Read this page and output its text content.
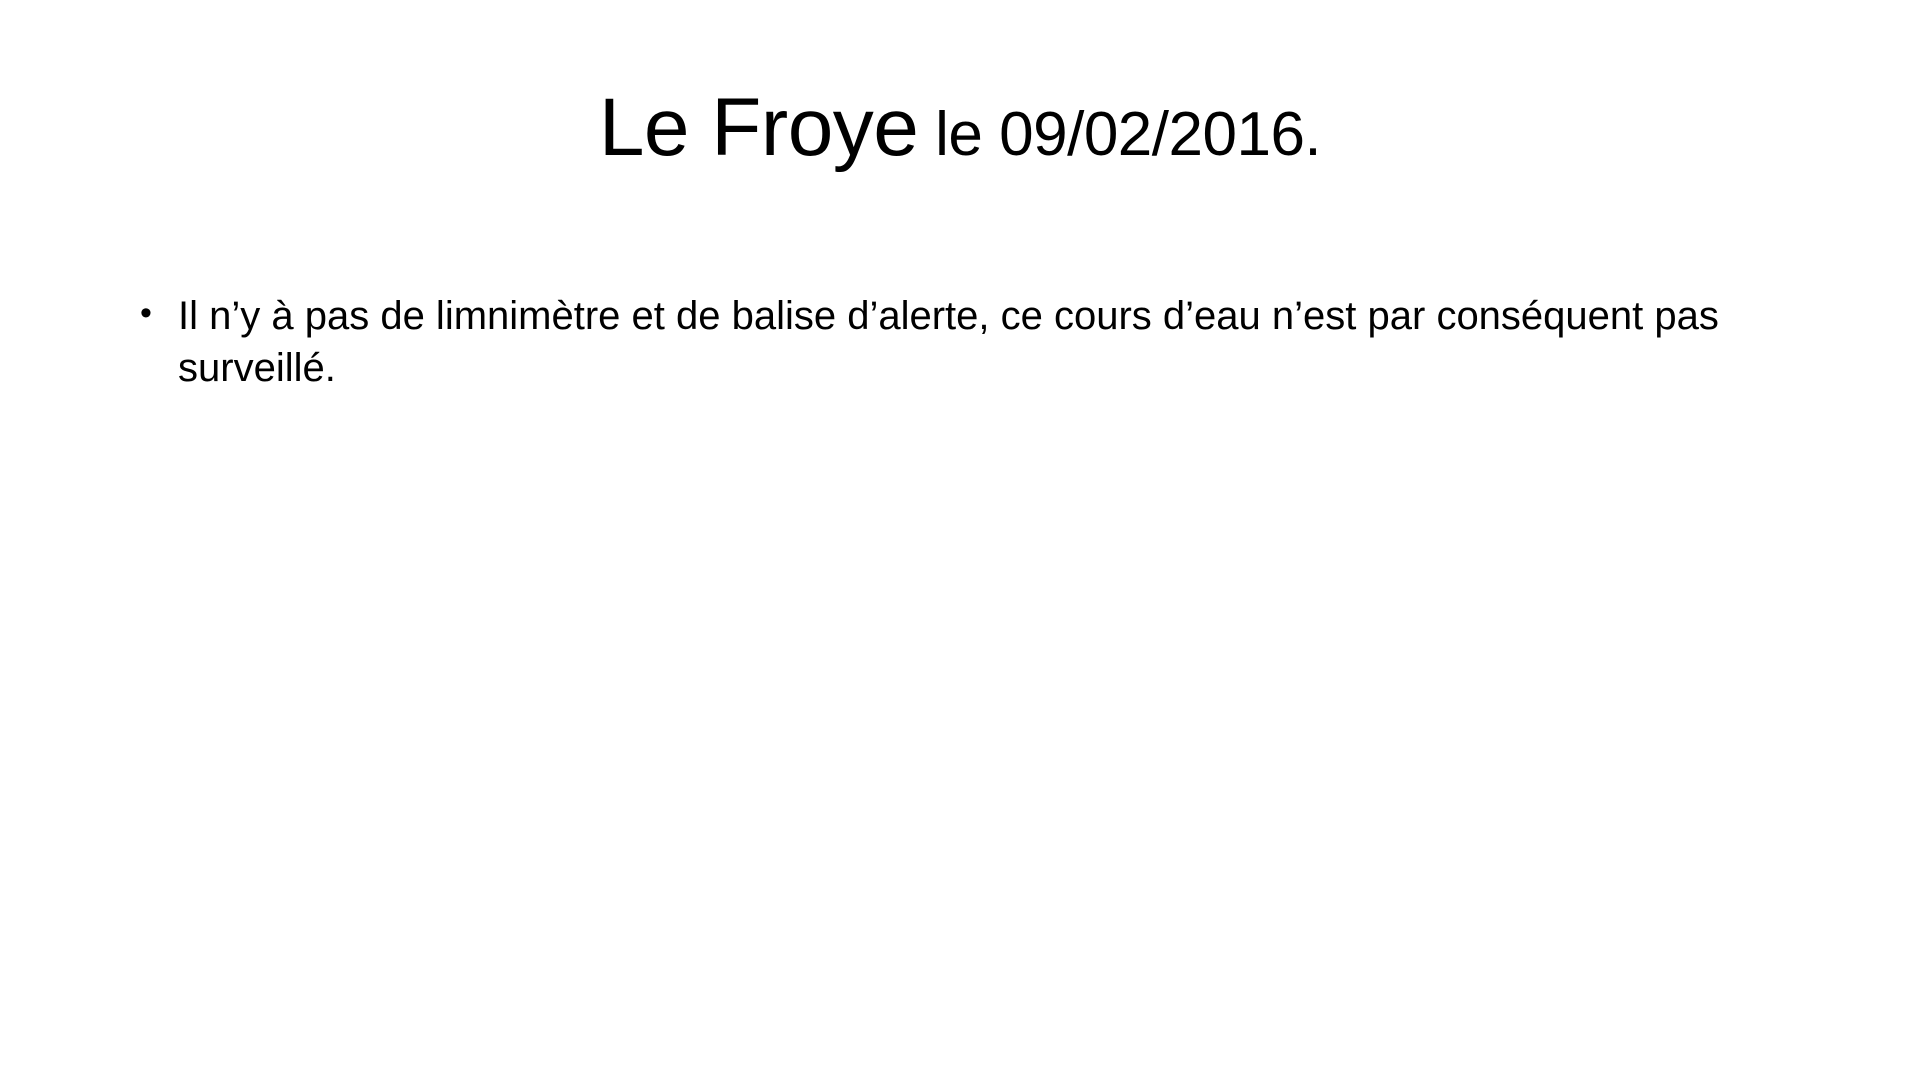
Le Froye le 09/02/2016.
• Il n’y à pas de limnimètre et de balise d’alerte, ce cours d’eau n’est par conséquent pas surveillé.
